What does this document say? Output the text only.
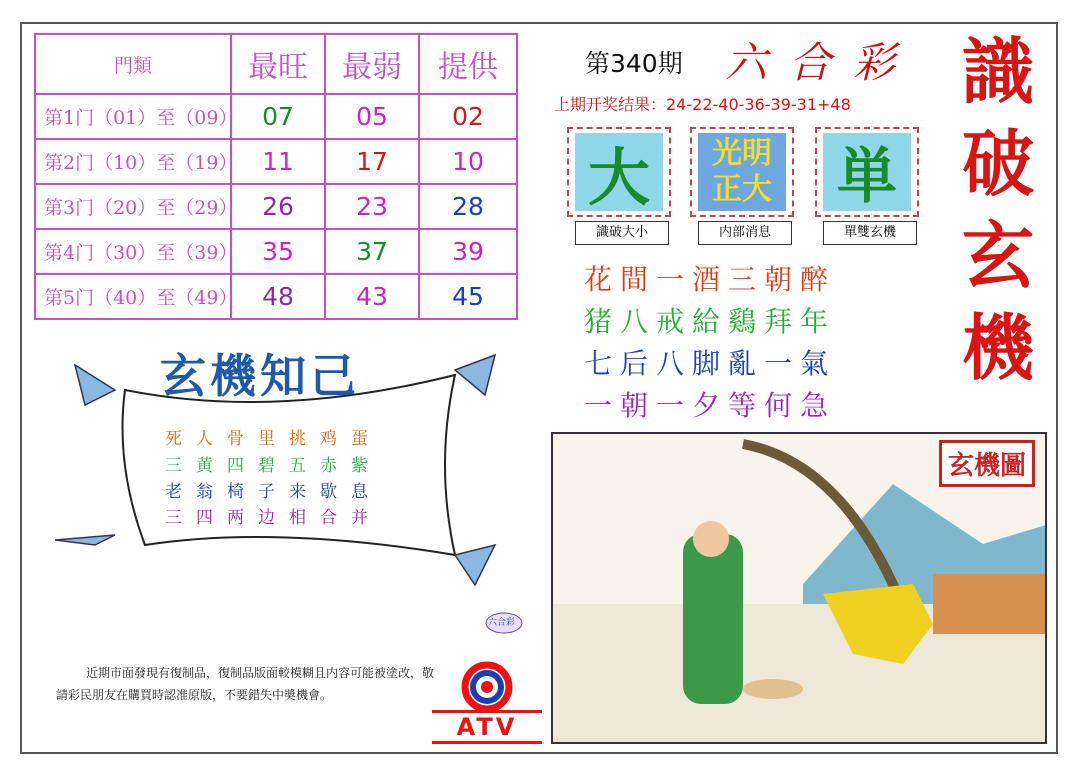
門類	最旺	最弱	提供
第1门（01）至（09）	07	05	02
第2门（10）至（19）	11	17	10
第3门（20）至（29）	26	23	28
第4门（30）至（39）	35	37	39
第5门（40）至（49）	48	43	45
第340期 六合彩
上期开奖结果：24-22-40-36-39-31+48 識
破
玄
機
大
識破大小
光明
正大
内部消息
単
單雙玄機
花間一酒三朝醉
猪八戒給鷄拜年
七后八脚亂一氣
一朝一夕等何急
玄機知己
死人骨里挑鸡蛋
三黄四碧五赤紫
老翁椅子来歇息
三四两边相合并
六合彩
近期市面發現有復制品，復制品版面較模糊且内容可能被塗改，敬請彩民朋友在購買時認准原版，不要錯失中奬機會。
ATV
玄機圖
